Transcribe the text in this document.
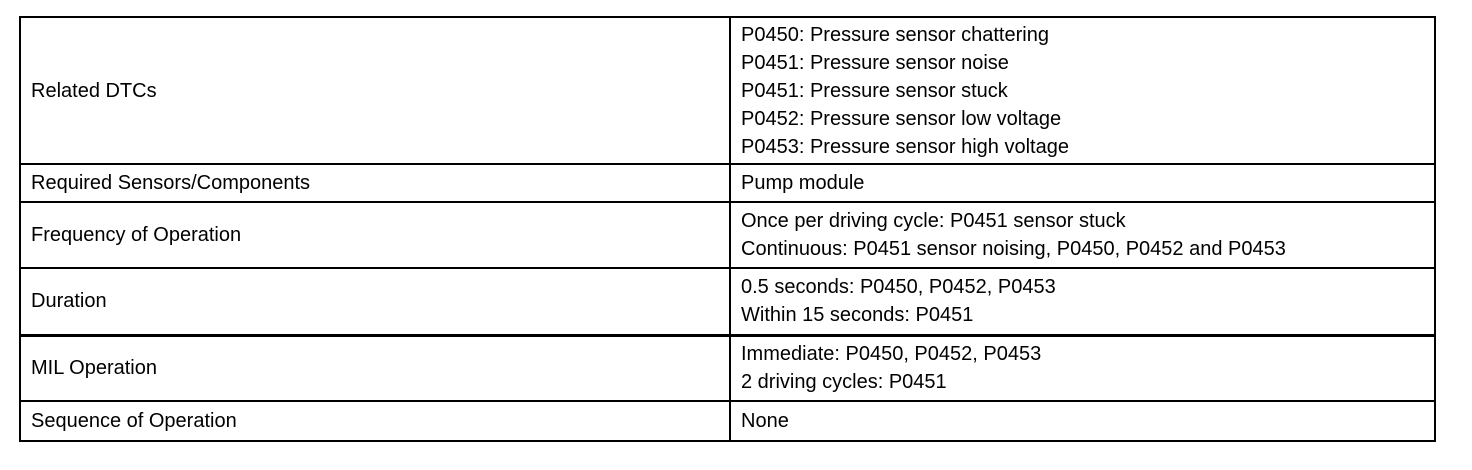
Related DTCs	P0450: Pressure sensor chattering
P0451: Pressure sensor noise
P0451: Pressure sensor stuck
P0452: Pressure sensor low voltage
P0453: Pressure sensor high voltage

Required Sensors/Components	Pump module

Frequency of Operation	Once per driving cycle: P0451 sensor stuck
Continuous: P0451 sensor noising, P0450, P0452 and P0453

Duration	0.5 seconds: P0450, P0452, P0453
Within 15 seconds: P0451

MIL Operation	Immediate: P0450, P0452, P0453
2 driving cycles: P0451

Sequence of Operation	None
